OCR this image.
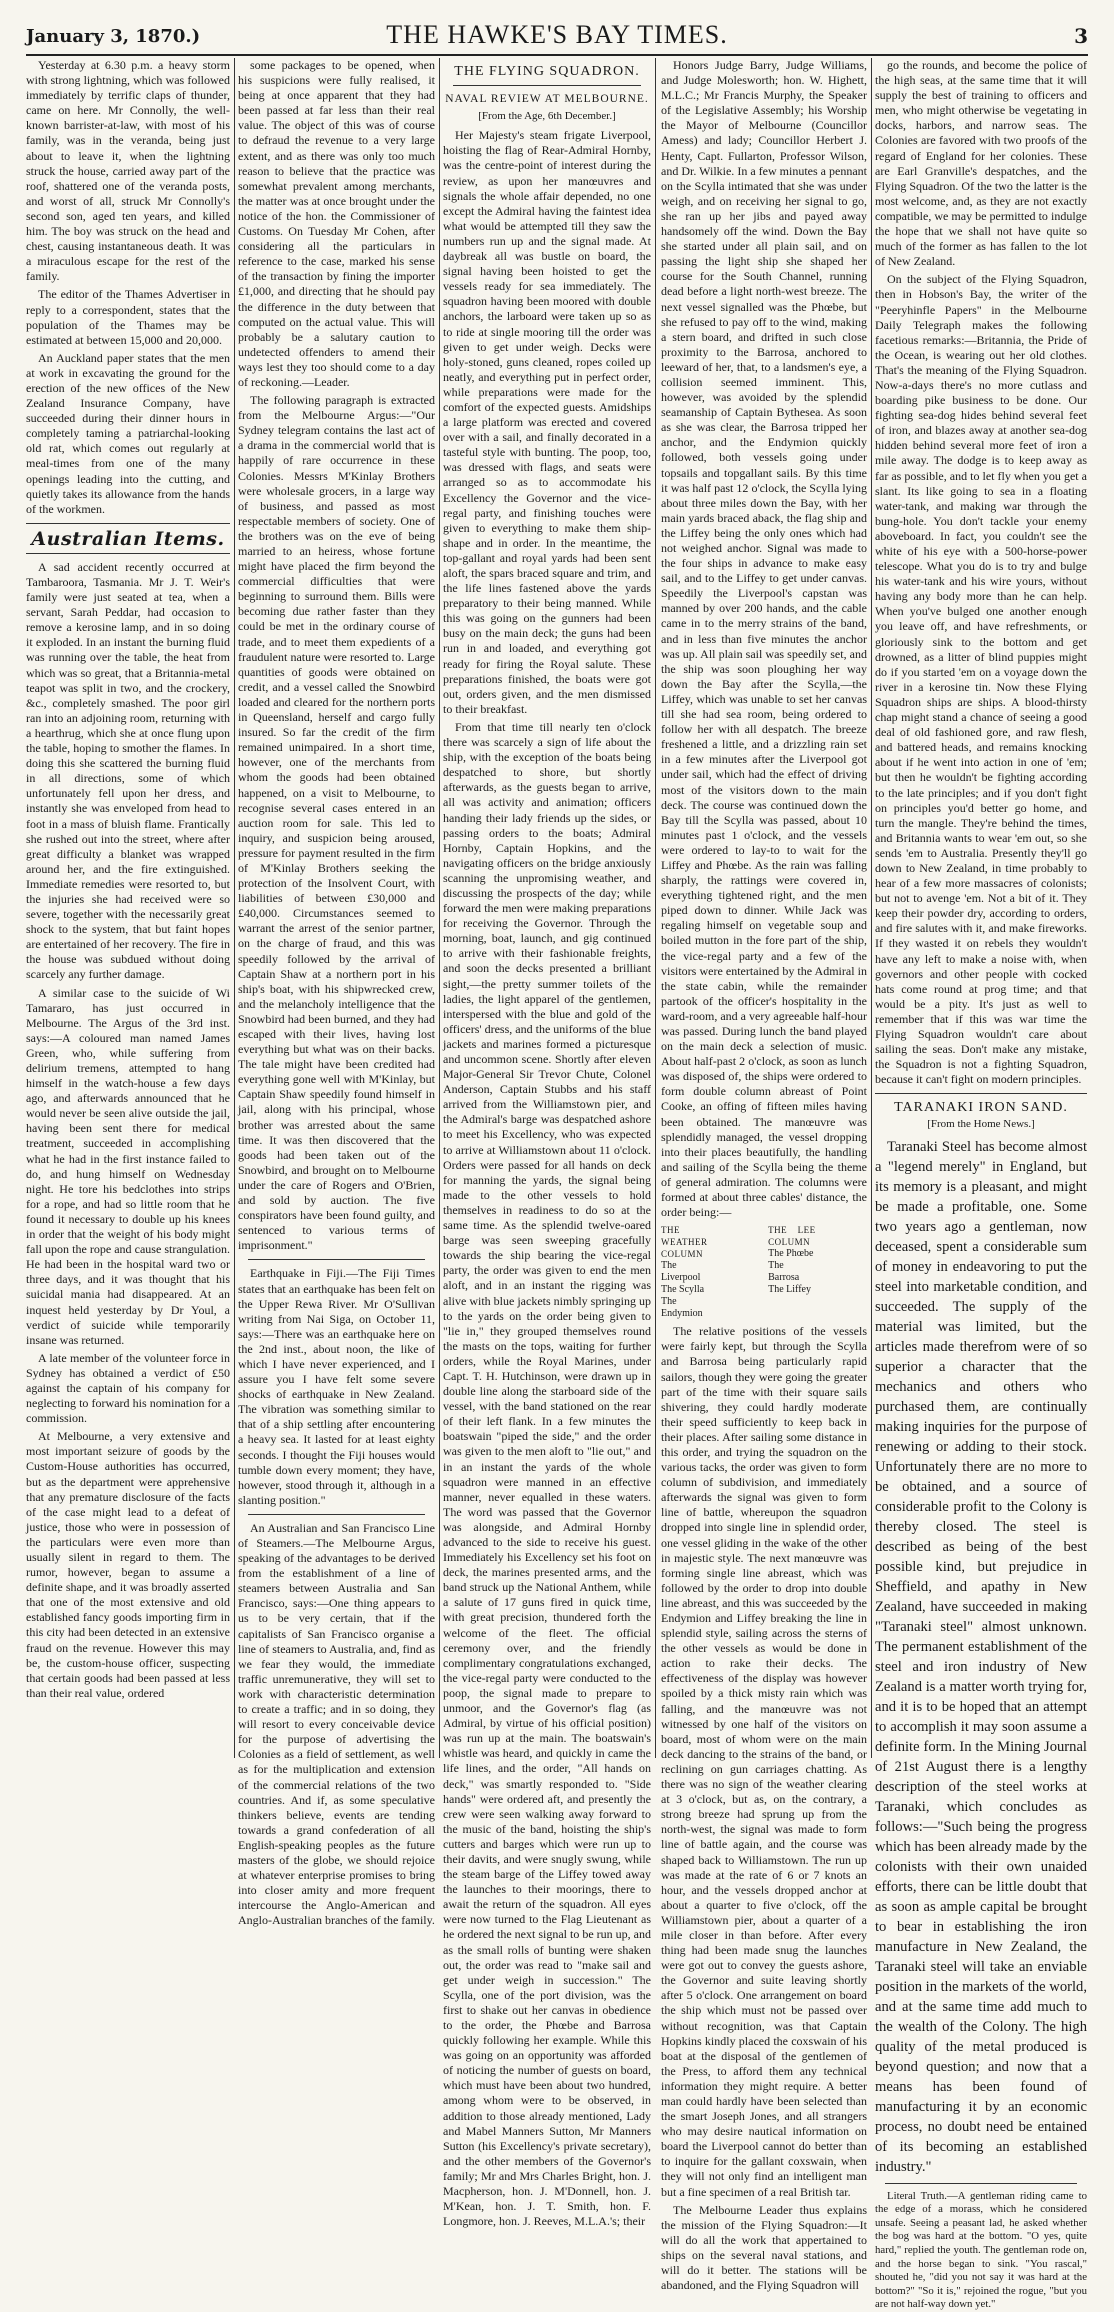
January 3, 1870.)	THE HAWKE'S BAY TIMES.	3

Yesterday at 6.30 p.m. a heavy storm with strong lightning, which was followed immediately by terrific claps of thunder, came on here. Mr Connolly, the well-known barrister-at-law, with most of his family, was in the veranda, being just about to leave it, when the lightning struck the house, carried away part of the roof, shattered one of the veranda posts, and worst of all, struck Mr Connolly's second son, aged ten years, and killed him. The boy was struck on the head and chest, causing instantaneous death. It was a miraculous escape for the rest of the family.

The editor of the Thames Advertiser in reply to a correspondent, states that the population of the Thames may be estimated at between 15,000 and 20,000.

An Auckland paper states that the men at work in excavating the ground for the erection of the new offices of the New Zealand Insurance Company, have succeeded during their dinner hours in completely taming a patriarchal-looking old rat, which comes out regularly at meal-times from one of the many openings leading into the cutting, and quietly takes its allowance from the hands of the workmen.

Australian Items.

A sad accident recently occurred at Tambaroora, Tasmania. Mr J. T. Weir's family were just seated at tea, when a servant, Sarah Peddar, had occasion to remove a kerosine lamp, and in so doing it exploded. In an instant the burning fluid was running over the table, the heat from which was so great, that a Britannia-metal teapot was split in two, and the crockery, &c., completely smashed. The poor girl ran into an adjoining room, returning with a hearthrug, which she at once flung upon the table, hoping to smother the flames. In doing this she scattered the burning fluid in all directions, some of which unfortunately fell upon her dress, and instantly she was enveloped from head to foot in a mass of bluish flame. Frantically she rushed out into the street, where after great difficulty a blanket was wrapped around her, and the fire extinguished. Immediate remedies were resorted to, but the injuries she had received were so severe, together with the necessarily great shock to the system, that but faint hopes are entertained of her recovery. The fire in the house was subdued without doing scarcely any further damage.

A similar case to the suicide of Wi Tamararo, has just occurred in Melbourne. The Argus of the 3rd inst. says:—A coloured man named James Green, who, while suffering from delirium tremens, attempted to hang himself in the watch-house a few days ago, and afterwards announced that he would never be seen alive outside the jail, having been sent there for medical treatment, succeeded in accomplishing what he had in the first instance failed to do, and hung himself on Wednesday night. He tore his bedclothes into strips for a rope, and had so little room that he found it necessary to double up his knees in order that the weight of his body might fall upon the rope and cause strangulation. He had been in the hospital ward two or three days, and it was thought that his suicidal mania had disappeared. At an inquest held yesterday by Dr Youl, a verdict of suicide while temporarily insane was returned.

A late member of the volunteer force in Sydney has obtained a verdict of £50 against the captain of his company for neglecting to forward his nomination for a commission.

At Melbourne, a very extensive and most important seizure of goods by the Custom-House authorities has occurred, but as the department were apprehensive that any premature disclosure of the facts of the case might lead to a defeat of justice, those who were in possession of the particulars were even more than usually silent in regard to them. The rumor, however, began to assume a definite shape, and it was broadly asserted that one of the most extensive and old established fancy goods importing firm in this city had been detected in an extensive fraud on the revenue. However this may be, the custom-house officer, suspecting that certain goods had been passed at less than their real value, ordered

some packages to be opened, when his suspicions were fully realised, it being at once apparent that they had been passed at far less than their real value. The object of this was of course to defraud the revenue to a very large extent, and as there was only too much reason to believe that the practice was somewhat prevalent among merchants, the matter was at once brought under the notice of the hon. the Commissioner of Customs. On Tuesday Mr Cohen, after considering all the particulars in reference to the case, marked his sense of the transaction by fining the importer £1,000, and directing that he should pay the difference in the duty between that computed on the actual value. This will probably be a salutary caution to undetected offenders to amend their ways lest they too should come to a day of reckoning.—Leader.

The following paragraph is extracted from the Melbourne Argus:—"Our Sydney telegram contains the last act of a drama in the commercial world that is happily of rare occurrence in these Colonies. Messrs M'Kinlay Brothers were wholesale grocers, in a large way of business, and passed as most respectable members of society. One of the brothers was on the eve of being married to an heiress, whose fortune might have placed the firm beyond the commercial difficulties that were beginning to surround them. Bills were becoming due rather faster than they could be met in the ordinary course of trade, and to meet them expedients of a fraudulent nature were resorted to. Large quantities of goods were obtained on credit, and a vessel called the Snowbird loaded and cleared for the northern ports in Queensland, herself and cargo fully insured. So far the credit of the firm remained unimpaired. In a short time, however, one of the merchants from whom the goods had been obtained happened, on a visit to Melbourne, to recognise several cases entered in an auction room for sale. This led to inquiry, and suspicion being aroused, pressure for payment resulted in the firm of M'Kinlay Brothers seeking the protection of the Insolvent Court, with liabilities of between £30,000 and £40,000. Circumstances seemed to warrant the arrest of the senior partner, on the charge of fraud, and this was speedily followed by the arrival of Captain Shaw at a northern port in his ship's boat, with his shipwrecked crew, and the melancholy intelligence that the Snowbird had been burned, and they had escaped with their lives, having lost everything but what was on their backs. The tale might have been credited had everything gone well with M'Kinlay, but Captain Shaw speedily found himself in jail, along with his principal, whose brother was arrested about the same time. It was then discovered that the goods had been taken out of the Snowbird, and brought on to Melbourne under the care of Rogers and O'Brien, and sold by auction. The five conspirators have been found guilty, and sentenced to various terms of imprisonment."

Earthquake in Fiji.—The Fiji Times states that an earthquake has been felt on the Upper Rewa River. Mr O'Sullivan writing from Nai Siga, on October 11, says:—There was an earthquake here on the 2nd inst., about noon, the like of which I have never experienced, and I assure you I have felt some severe shocks of earthquake in New Zealand. The vibration was something similar to that of a ship settling after encountering a heavy sea. It lasted for at least eighty seconds. I thought the Fiji houses would tumble down every moment; they have, however, stood through it, although in a slanting position."

An Australian and San Francisco Line of Steamers.—The Melbourne Argus, speaking of the advantages to be derived from the establishment of a line of steamers between Australia and San Francisco, says:—One thing appears to us to be very certain, that if the capitalists of San Francisco organise a line of steamers to Australia, and, find as we fear they would, the immediate traffic unremunerative, they will set to work with characteristic determination to create a traffic; and in so doing, they will resort to every conceivable device for the purpose of advertising the Colonies as a field of settlement, as well as for the multiplication and extension of the commercial relations of the two countries. And if, as some speculative thinkers believe, events are tending towards a grand confederation of all English-speaking peoples as the future masters of the globe, we should rejoice at whatever enterprise promises to bring into closer amity and more frequent intercourse the Anglo-American and Anglo-Australian branches of the family.

THE FLYING SQUADRON.
NAVAL REVIEW AT MELBOURNE.
[From the Age, 6th December.]

Her Majesty's steam frigate Liverpool, hoisting the flag of Rear-Admiral Hornby, was the centre-point of interest during the review, as upon her manœuvres and signals the whole affair depended, no one except the Admiral having the faintest idea what would be attempted till they saw the numbers run up and the signal made. At daybreak all was bustle on board, the signal having been hoisted to get the vessels ready for sea immediately. The squadron having been moored with double anchors, the larboard were taken up so as to ride at single mooring till the order was given to get under weigh. Decks were holy-stoned, guns cleaned, ropes coiled up neatly, and everything put in perfect order, while preparations were made for the comfort of the expected guests. Amidships a large platform was erected and covered over with a sail, and finally decorated in a tasteful style with bunting. The poop, too, was dressed with flags, and seats were arranged so as to accommodate his Excellency the Governor and the vice-regal party, and finishing touches were given to everything to make them ship-shape and in order. In the meantime, the top-gallant and royal yards had been sent aloft, the spars braced square and trim, and the life lines fastened above the yards preparatory to their being manned. While this was going on the gunners had been busy on the main deck; the guns had been run in and loaded, and everything got ready for firing the Royal salute. These preparations finished, the boats were got out, orders given, and the men dismissed to their breakfast.

From that time till nearly ten o'clock there was scarcely a sign of life about the ship, with the exception of the boats being despatched to shore, but shortly afterwards, as the guests began to arrive, all was activity and animation; officers handing their lady friends up the sides, or passing orders to the boats; Admiral Hornby, Captain Hopkins, and the navigating officers on the bridge anxiously scanning the unpromising weather, and discussing the prospects of the day; while forward the men were making preparations for receiving the Governor. Through the morning, boat, launch, and gig continued to arrive with their fashionable freights, and soon the decks presented a brilliant sight,—the pretty summer toilets of the ladies, the light apparel of the gentlemen, interspersed with the blue and gold of the officers' dress, and the uniforms of the blue jackets and marines formed a picturesque and uncommon scene. Shortly after eleven Major-General Sir Trevor Chute, Colonel Anderson, Captain Stubbs and his staff arrived from the Williamstown pier, and the Admiral's barge was despatched ashore to meet his Excellency, who was expected to arrive at Williamstown about 11 o'clock. Orders were passed for all hands on deck for manning the yards, the signal being made to the other vessels to hold themselves in readiness to do so at the same time. As the splendid twelve-oared barge was seen sweeping gracefully towards the ship bearing the vice-regal party, the order was given to end the men aloft, and in an instant the rigging was alive with blue jackets nimbly springing up to the yards on the order being given to "lie in," they grouped themselves round the masts on the tops, waiting for further orders, while the Royal Marines, under Capt. T. H. Hutchinson, were drawn up in double line along the starboard side of the vessel, with the band stationed on the rear of their left flank. In a few minutes the boatswain "piped the side," and the order was given to the men aloft to "lie out," and in an instant the yards of the whole squadron were manned in an effective manner, never equalled in these waters. The word was passed that the Governor was alongside, and Admiral Hornby advanced to the side to receive his guest. Immediately his Excellency set his foot on deck, the marines presented arms, and the band struck up the National Anthem, while a salute of 17 guns fired in quick time, with great precision, thundered forth the welcome of the fleet. The official ceremony over, and the friendly complimentary congratulations exchanged, the vice-regal party were conducted to the poop, the signal made to prepare to unmoor, and the Governor's flag (as Admiral, by virtue of his official position) was run up at the main. The boatswain's whistle was heard, and quickly in came the life lines, and the order, "All hands on deck," was smartly responded to. "Side hands" were ordered aft, and presently the crew were seen walking away forward to the music of the band, hoisting the ship's cutters and barges which were run up to their davits, and were snugly swung, while the steam barge of the Liffey towed away the launches to their moorings, there to await the return of the squadron. All eyes were now turned to the Flag Lieutenant as he ordered the next signal to be run up, and as the small rolls of bunting were shaken out, the order was read to "make sail and get under weigh in succession." The Scylla, one of the port division, was the first to shake out her canvas in obedience to the order, the Phœbe and Barrosa quickly following her example. While this was going on an opportunity was afforded of noticing the number of guests on board, which must have been about two hundred, among whom were to be observed, in addition to those already mentioned, Lady and Mabel Manners Sutton, Mr Manners Sutton (his Excellency's private secretary), and the other members of the Governor's family; Mr and Mrs Charles Bright, hon. J. Macpherson, hon. J. M'Donnell, hon. J. M'Kean, hon. J. T. Smith, hon. F. Longmore, hon. J. Reeves, M.L.A.'s; their

Honors Judge Barry, Judge Williams, and Judge Molesworth; hon. W. Highett, M.L.C.; Mr Francis Murphy, the Speaker of the Legislative Assembly; his Worship the Mayor of Melbourne (Councillor Amess) and lady; Councillor Herbert J. Henty, Capt. Fullarton, Professor Wilson, and Dr. Wilkie. In a few minutes a pennant on the Scylla intimated that she was under weigh, and on receiving her signal to go, she ran up her jibs and payed away handsomely off the wind. Down the Bay she started under all plain sail, and on passing the light ship she shaped her course for the South Channel, running dead before a light north-west breeze. The next vessel signalled was the Phœbe, but she refused to pay off to the wind, making a stern board, and drifted in such close proximity to the Barrosa, anchored to leeward of her, that, to a landsmen's eye, a collision seemed imminent. This, however, was avoided by the splendid seamanship of Captain Bythesea. As soon as she was clear, the Barrosa tripped her anchor, and the Endymion quickly followed, both vessels going under topsails and topgallant sails. By this time it was half past 12 o'clock, the Scylla lying about three miles down the Bay, with her main yards braced aback, the flag ship and the Liffey being the only ones which had not weighed anchor. Signal was made to the four ships in advance to make easy sail, and to the Liffey to get under canvas. Speedily the Liverpool's capstan was manned by over 200 hands, and the cable came in to the merry strains of the band, and in less than five minutes the anchor was up. All plain sail was speedily set, and the ship was soon ploughing her way down the Bay after the Scylla,—the Liffey, which was unable to set her canvas till she had sea room, being ordered to follow her with all despatch. The breeze freshened a little, and a drizzling rain set in a few minutes after the Liverpool got under sail, which had the effect of driving most of the visitors down to the main deck. The course was continued down the Bay till the Scylla was passed, about 10 minutes past 1 o'clock, and the vessels were ordered to lay-to to wait for the Liffey and Phœbe. As the rain was falling sharply, the rattings were covered in, everything tightened right, and the men piped down to dinner. While Jack was regaling himself on vegetable soup and boiled mutton in the fore part of the ship, the vice-regal party and a few of the visitors were entertained by the Admiral in the state cabin, while the remainder partook of the officer's hospitality in the ward-room, and a very agreeable half-hour was passed. During lunch the band played on the main deck a selection of music. About half-past 2 o'clock, as soon as lunch was disposed of, the ships were ordered to form double column abreast of Point Cooke, an offing of fifteen miles having been obtained. The manœuvre was splendidly managed, the vessel dropping into their places beautifully, the handling and sailing of the Scylla being the theme of general admiration. The columns were formed at about three cables' distance, the order being:—

THE WEATHER COLUMN
The Liverpool
The Scylla
The Endymion
THE LEE COLUMN
The Phœbe
The Barrosa
The Liffey

The relative positions of the vessels were fairly kept, but through the Scylla and Barrosa being particularly rapid sailors, though they were going the greater part of the time with their square sails shivering, they could hardly moderate their speed sufficiently to keep back in their places. After sailing some distance in this order, and trying the squadron on the various tacks, the order was given to form column of subdivision, and immediately afterwards the signal was given to form line of battle, whereupon the squadron dropped into single line in splendid order, one vessel gliding in the wake of the other in majestic style. The next manœuvre was forming single line abreast, which was followed by the order to drop into double line abreast, and this was succeeded by the Endymion and Liffey breaking the line in splendid style, sailing across the sterns of the other vessels as would be done in action to rake their decks. The effectiveness of the display was however spoiled by a thick misty rain which was falling, and the manœuvre was not witnessed by one half of the visitors on board, most of whom were on the main deck dancing to the strains of the band, or reclining on gun carriages chatting. As there was no sign of the weather clearing at 3 o'clock, but as, on the contrary, a strong breeze had sprung up from the north-west, the signal was made to form line of battle again, and the course was shaped back to Williamstown. The run up was made at the rate of 6 or 7 knots an hour, and the vessels dropped anchor at about a quarter to five o'clock, off the Williamstown pier, about a quarter of a mile closer in than before. After every thing had been made snug the launches were got out to convey the guests ashore, the Governor and suite leaving shortly after 5 o'clock. One arrangement on board the ship which must not be passed over without recognition, was that Captain Hopkins kindly placed the coxswain of his boat at the disposal of the gentlemen of the Press, to afford them any technical information they might require. A better man could hardly have been selected than the smart Joseph Jones, and all strangers who may desire nautical information on board the Liverpool cannot do better than to inquire for the gallant coxswain, when they will not only find an intelligent man but a fine specimen of a real British tar.

The Melbourne Leader thus explains the mission of the Flying Squadron:—It will do all the work that appertained to ships on the several naval stations, and will do it better. The stations will be abandoned, and the Flying Squadron will

go the rounds, and become the police of the high seas, at the same time that it will supply the best of training to officers and men, who might otherwise be vegetating in docks, harbors, and narrow seas. The Colonies are favored with two proofs of the regard of England for her colonies. These are Earl Granville's despatches, and the Flying Squadron. Of the two the latter is the most welcome, and, as they are not exactly compatible, we may be permitted to indulge the hope that we shall not have quite so much of the former as has fallen to the lot of New Zealand.

On the subject of the Flying Squadron, then in Hobson's Bay, the writer of the "Peeryhinfle Papers" in the Melbourne Daily Telegraph makes the following facetious remarks:—Britannia, the Pride of the Ocean, is wearing out her old clothes. That's the meaning of the Flying Squadron. Now-a-days there's no more cutlass and boarding pike business to be done. Our fighting sea-dog hides behind several feet of iron, and blazes away at another sea-dog hidden behind several more feet of iron a mile away. The dodge is to keep away as far as possible, and to let fly when you get a slant. Its like going to sea in a floating water-tank, and making war through the bung-hole. You don't tackle your enemy aboveboard. In fact, you couldn't see the white of his eye with a 500-horse-power telescope. What you do is to try and bulge his water-tank and his wire yours, without having any body more than he can help. When you've bulged one another enough you leave off, and have refreshments, or gloriously sink to the bottom and get drowned, as a litter of blind puppies might do if you started 'em on a voyage down the river in a kerosine tin. Now these Flying Squadron ships are ships. A blood-thirsty chap might stand a chance of seeing a good deal of old fashioned gore, and raw flesh, and battered heads, and remains knocking about if he went into action in one of 'em; but then he wouldn't be fighting according to the late principles; and if you don't fight on principles you'd better go home, and turn the mangle. They're behind the times, and Britannia wants to wear 'em out, so she sends 'em to Australia. Presently they'll go down to New Zealand, in time probably to hear of a few more massacres of colonists; but not to avenge 'em. Not a bit of it. They keep their powder dry, according to orders, and fire salutes with it, and make fireworks. If they wasted it on rebels they wouldn't have any left to make a noise with, when governors and other people with cocked hats come round at prog time; and that would be a pity. It's just as well to remember that if this was war time the Flying Squadron wouldn't care about sailing the seas. Don't make any mistake, the Squadron is not a fighting Squadron, because it can't fight on modern principles.

TARANAKI IRON SAND.
[From the Home News.]

Taranaki Steel has become almost a "legend merely" in England, but its memory is a pleasant, and might be made a profitable, one. Some two years ago a gentleman, now deceased, spent a considerable sum of money in endeavoring to put the steel into marketable condition, and succeeded. The supply of the material was limited, but the articles made therefrom were of so superior a character that the mechanics and others who purchased them, are continually making inquiries for the purpose of renewing or adding to their stock. Unfortunately there are no more to be obtained, and a source of considerable profit to the Colony is thereby closed. The steel is described as being of the best possible kind, but prejudice in Sheffield, and apathy in New Zealand, have succeeded in making "Taranaki steel" almost unknown. The permanent establishment of the steel and iron industry of New Zealand is a matter worth trying for, and it is to be hoped that an attempt to accomplish it may soon assume a definite form. In the Mining Journal of 21st August there is a lengthy description of the steel works at Taranaki, which concludes as follows:—"Such being the progress which has been already made by the colonists with their own unaided efforts, there can be little doubt that as soon as ample capital be brought to bear in establishing the iron manufacture in New Zealand, the Taranaki steel will take an enviable position in the markets of the world, and at the same time add much to the wealth of the Colony. The high quality of the metal produced is beyond question; and now that a means has been found of manufacturing it by an economic process, no doubt need be entained of its becoming an established industry."

Literal Truth.—A gentleman riding came to the edge of a morass, which he considered unsafe. Seeing a peasant lad, he asked whether the bog was hard at the bottom. "O yes, quite hard," replied the youth. The gentleman rode on, and the horse began to sink. "You rascal," shouted he, "did you not say it was hard at the bottom?" "So it is," rejoined the rogue, "but you are not half-way down yet."
